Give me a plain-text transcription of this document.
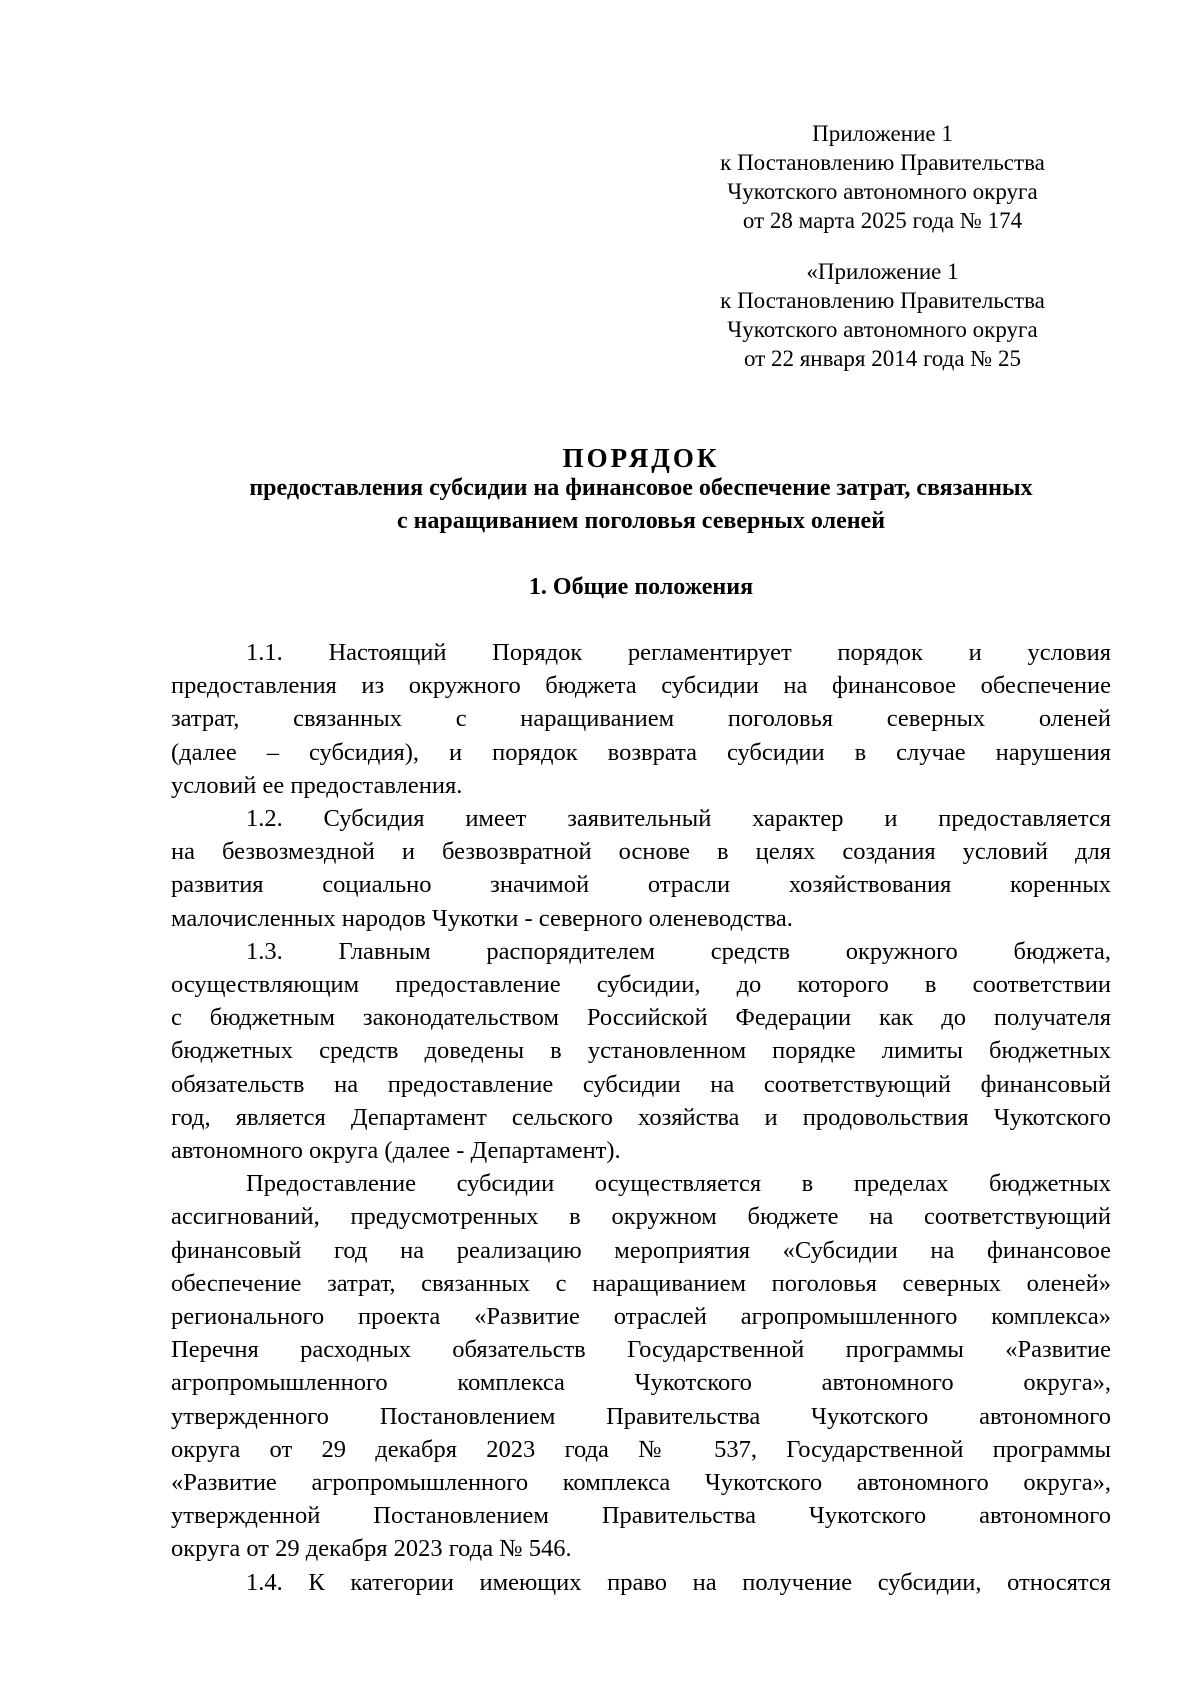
Приложение 1
к Постановлению Правительства
Чукотского автономного округа
от 28 марта 2025 года № 174
«Приложение 1
к Постановлению Правительства
Чукотского автономного округа
от 22 января 2014 года № 25
ПОРЯДОК
предоставления субсидии на финансовое обеспечение затрат, связанных
с наращиванием поголовья северных оленей
1. Общие положения
1.1. Настоящий Порядок регламентирует порядок и условия
предоставления из окружного бюджета субсидии на финансовое обеспечение
затрат, связанных с наращиванием поголовья северных оленей
(далее – субсидия), и порядок возврата субсидии в случае нарушения
условий ее предоставления.
1.2. Субсидия имеет заявительный характер и предоставляется
на безвозмездной и безвозвратной основе в целях создания условий для
развития социально значимой отрасли хозяйствования коренных
малочисленных народов Чукотки - северного оленеводства.
1.3. Главным распорядителем средств окружного бюджета,
осуществляющим предоставление субсидии, до которого в соответствии
с бюджетным законодательством Российской Федерации как до получателя
бюджетных средств доведены в установленном порядке лимиты бюджетных
обязательств на предоставление субсидии на соответствующий финансовый
год, является Департамент сельского хозяйства и продовольствия Чукотского
автономного округа (далее - Департамент).
Предоставление субсидии осуществляется в пределах бюджетных
ассигнований, предусмотренных в окружном бюджете на соответствующий
финансовый год на реализацию мероприятия «Субсидии на финансовое
обеспечение затрат, связанных с наращиванием поголовья северных оленей»
регионального проекта «Развитие отраслей агропромышленного комплекса»
Перечня расходных обязательств Государственной программы «Развитие
агропромышленного комплекса Чукотского автономного округа»,
утвержденного Постановлением Правительства Чукотского автономного
округа от 29 декабря 2023 года № 537, Государственной программы
«Развитие агропромышленного комплекса Чукотского автономного округа»,
утвержденной Постановлением Правительства Чукотского автономного
округа от 29 декабря 2023 года № 546.
1.4. К категории имеющих право на получение субсидии, относятся
